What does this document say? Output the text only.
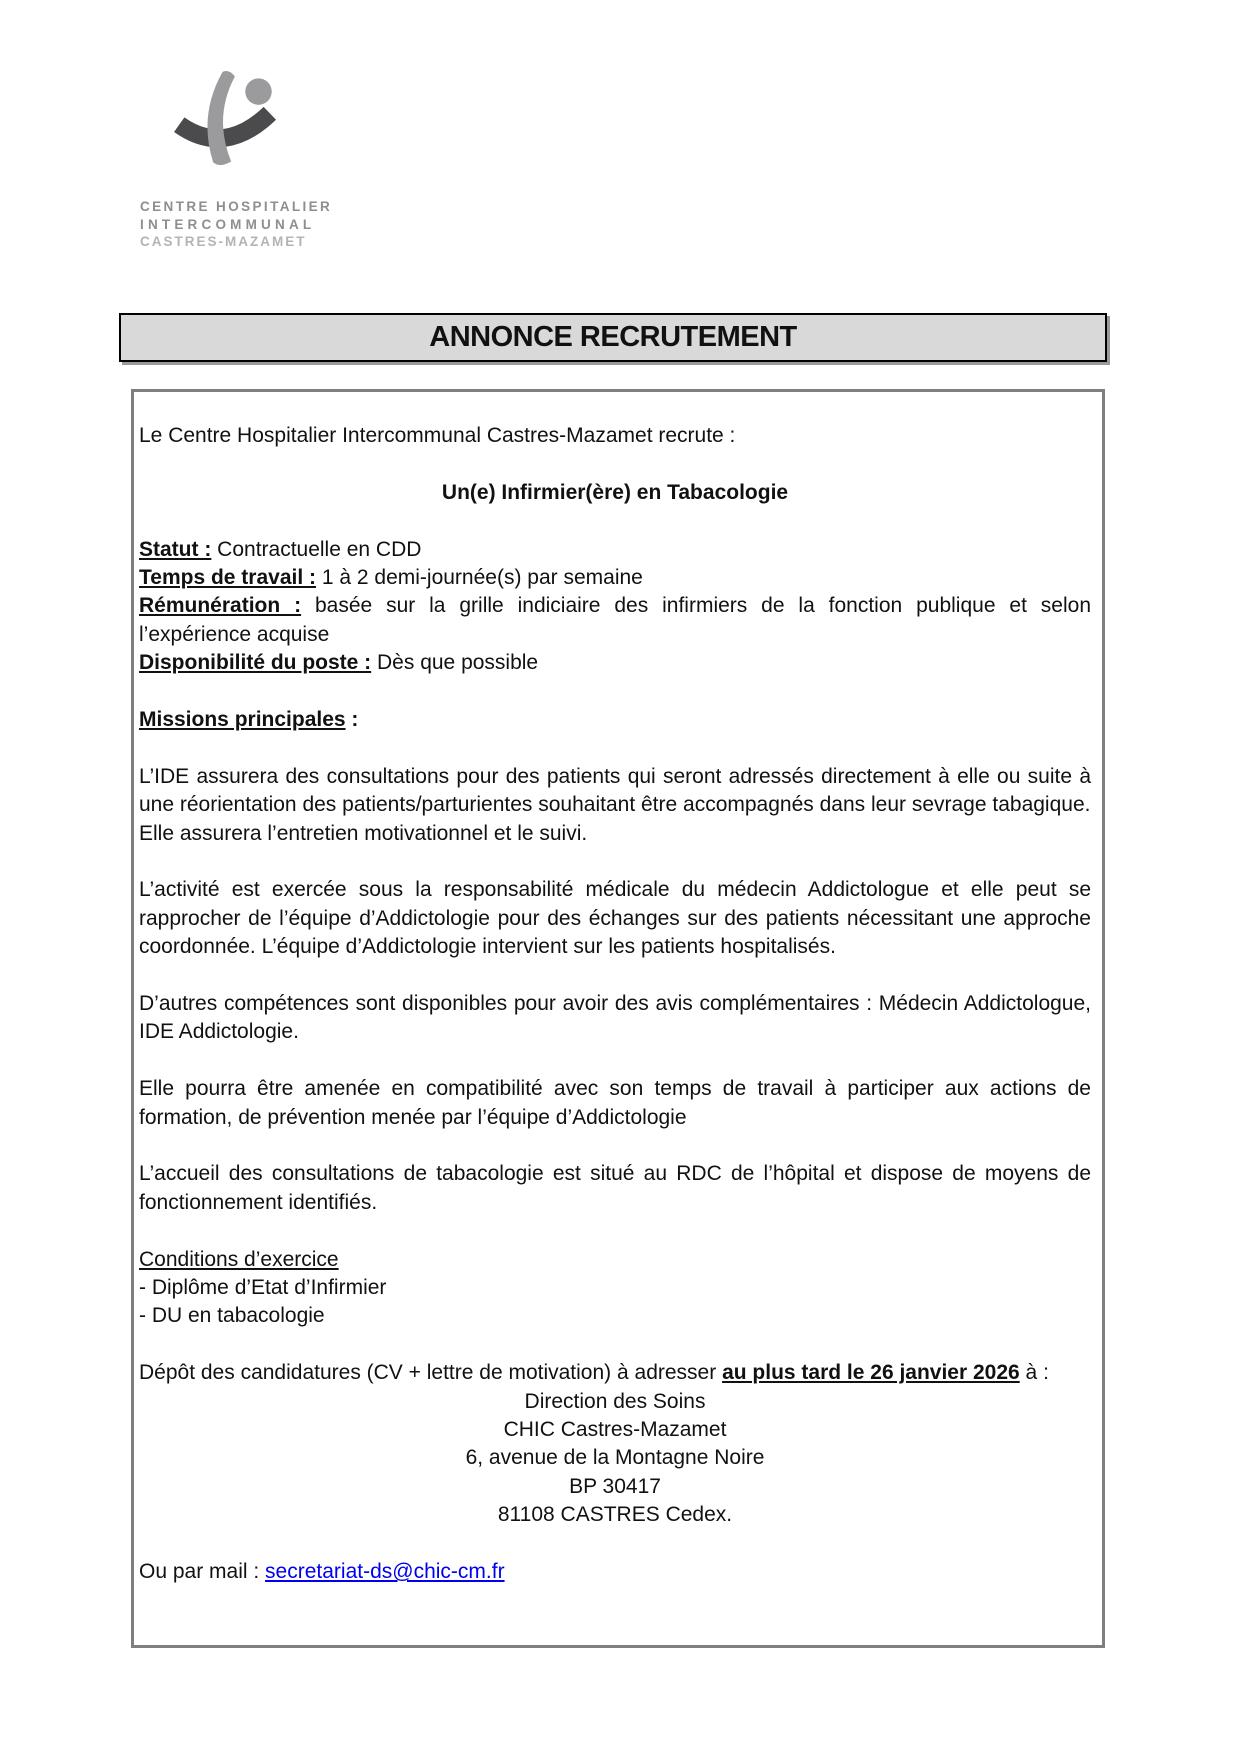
CENTRE HOSPITALIER
INTERCOMMUNAL
CASTRES-MAZAMET
ANNONCE RECRUTEMENT

Le Centre Hospitalier Intercommunal Castres-Mazamet recrute :

Un(e) Infirmier(ère) en Tabacologie

Statut : Contractuelle en CDD

Temps de travail : 1 à 2 demi-journée(s) par semaine

Rémunération : basée sur la grille indiciaire des infirmiers de la fonction publique et selon l’expérience acquise

Disponibilité du poste : Dès que possible

Missions principales :

L’IDE assurera des consultations pour des patients qui seront adressés directement à elle ou suite à une réorientation des patients/parturientes souhaitant être accompagnés dans leur sevrage tabagique.

Elle assurera l’entretien motivationnel et le suivi.

L’activité est exercée sous la responsabilité médicale du médecin Addictologue et elle peut se rapprocher de l’équipe d’Addictologie pour des échanges sur des patients nécessitant une approche coordonnée. L’équipe d’Addictologie intervient sur les patients hospitalisés.

D’autres compétences sont disponibles pour avoir des avis complémentaires : Médecin Addictologue, IDE Addictologie.

Elle pourra être amenée en compatibilité avec son temps de travail à participer aux actions de formation, de prévention menée par l’équipe d’Addictologie

L’accueil des consultations de tabacologie est situé au RDC de l’hôpital et dispose de moyens de fonctionnement identifiés.

Conditions d’exercice

- Diplôme d’Etat d’Infirmier

- DU en tabacologie

Dépôt des candidatures (CV + lettre de motivation) à adresser au plus tard le 26 janvier 2026 à :

Direction des Soins

CHIC Castres-Mazamet

6, avenue de la Montagne Noire

BP 30417

81108 CASTRES Cedex.

Ou par mail : secretariat-ds@chic-cm.fr
